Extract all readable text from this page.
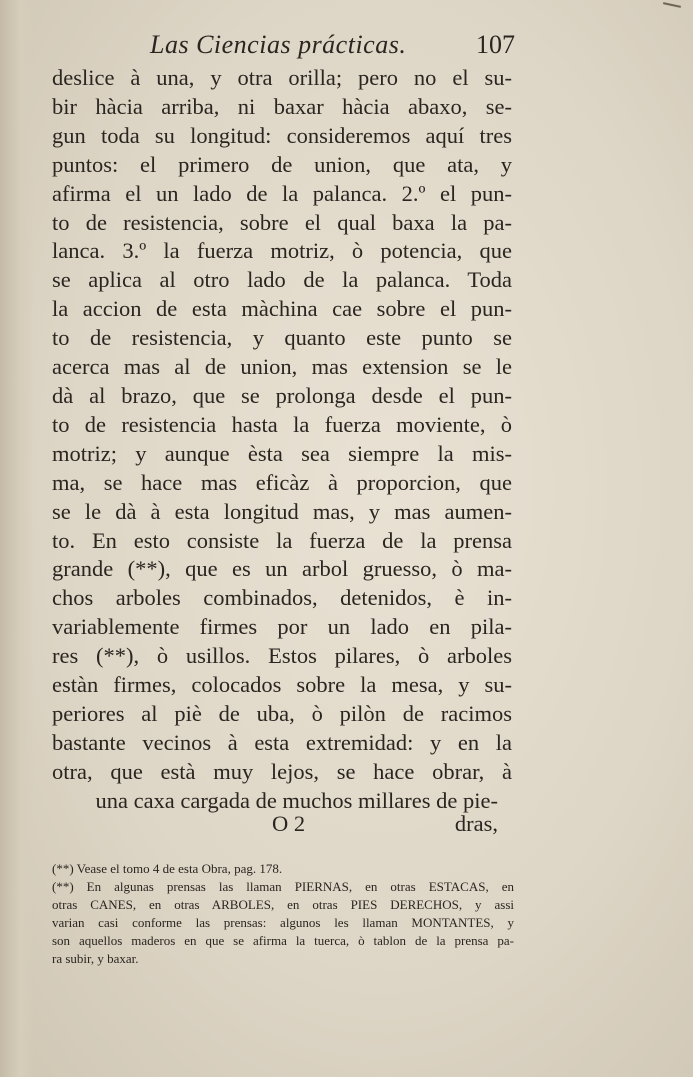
Las Ciencias prácticas.	107
deslice à una, y otra orilla; pero no el su-
bir hàcia arriba, ni baxar hàcia abaxo, se-
gun toda su longitud: consideremos aquí tres
puntos: el primero de union, que ata, y
afirma el un lado de la palanca. 2.º el pun-
to de resistencia, sobre el qual baxa la pa-
lanca. 3.º la fuerza motriz, ò potencia, que
se aplica al otro lado de la palanca. Toda
la accion de esta màchina cae sobre el pun-
to de resistencia, y quanto este punto se
acerca mas al de union, mas extension se le
dà al brazo, que se prolonga desde el pun-
to de resistencia hasta la fuerza moviente, ò
motriz; y aunque èsta sea siempre la mis-
ma, se hace mas eficàz à proporcion, que
se le dà à esta longitud mas, y mas aumen-
to. En esto consiste la fuerza de la prensa
grande (**), que es un arbol gruesso, ò ma-
chos arboles combinados, detenidos, è in-
variablemente firmes por un lado en pila-
res (**), ò usillos. Estos pilares, ò arboles
estàn firmes, colocados sobre la mesa, y su-
periores al piè de uba, ò pilòn de racimos
bastante vecinos à esta extremidad: y en la
otra, que està muy lejos, se hace obrar, à
una caxa cargada de muchos millares de pie-
O 2	dras,
(**) Vease el tomo 4 de esta Obra, pag. 178.
(**) En algunas prensas las llaman PIERNAS, en otras ESTACAS, en
otras CANES, en otras ARBOLES, en otras PIES DERECHOS, y assi
varian casi conforme las prensas: algunos les llaman MONTANTES, y
son aquellos maderos en que se afirma la tuerca, ò tablon de la prensa pa-
ra subir, y baxar.
